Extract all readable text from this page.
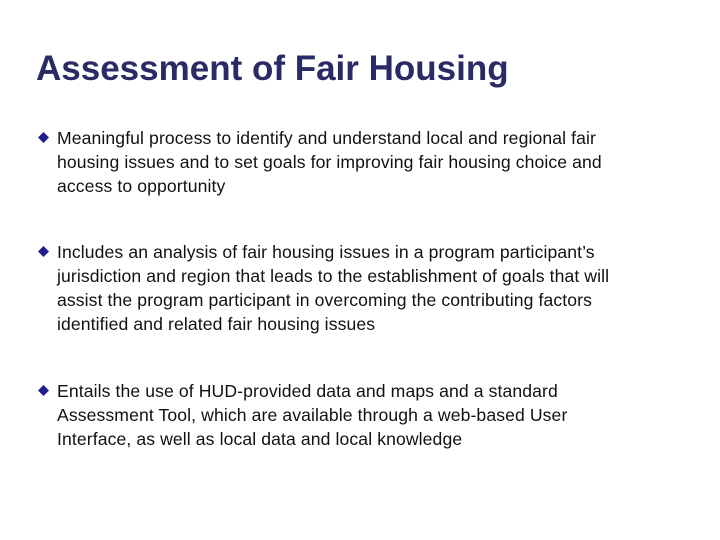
Assessment of Fair Housing
Meaningful process to identify and understand local and regional fair
housing issues and to set goals for improving fair housing choice and
access to opportunity
Includes an analysis of fair housing issues in a program participant’s
jurisdiction and region that leads to the establishment of goals that will
assist the program participant in overcoming the contributing factors
identified and related fair housing issues
Entails the use of HUD-provided data and maps and a standard
Assessment Tool, which are available through a web-based User
Interface, as well as local data and local knowledge
